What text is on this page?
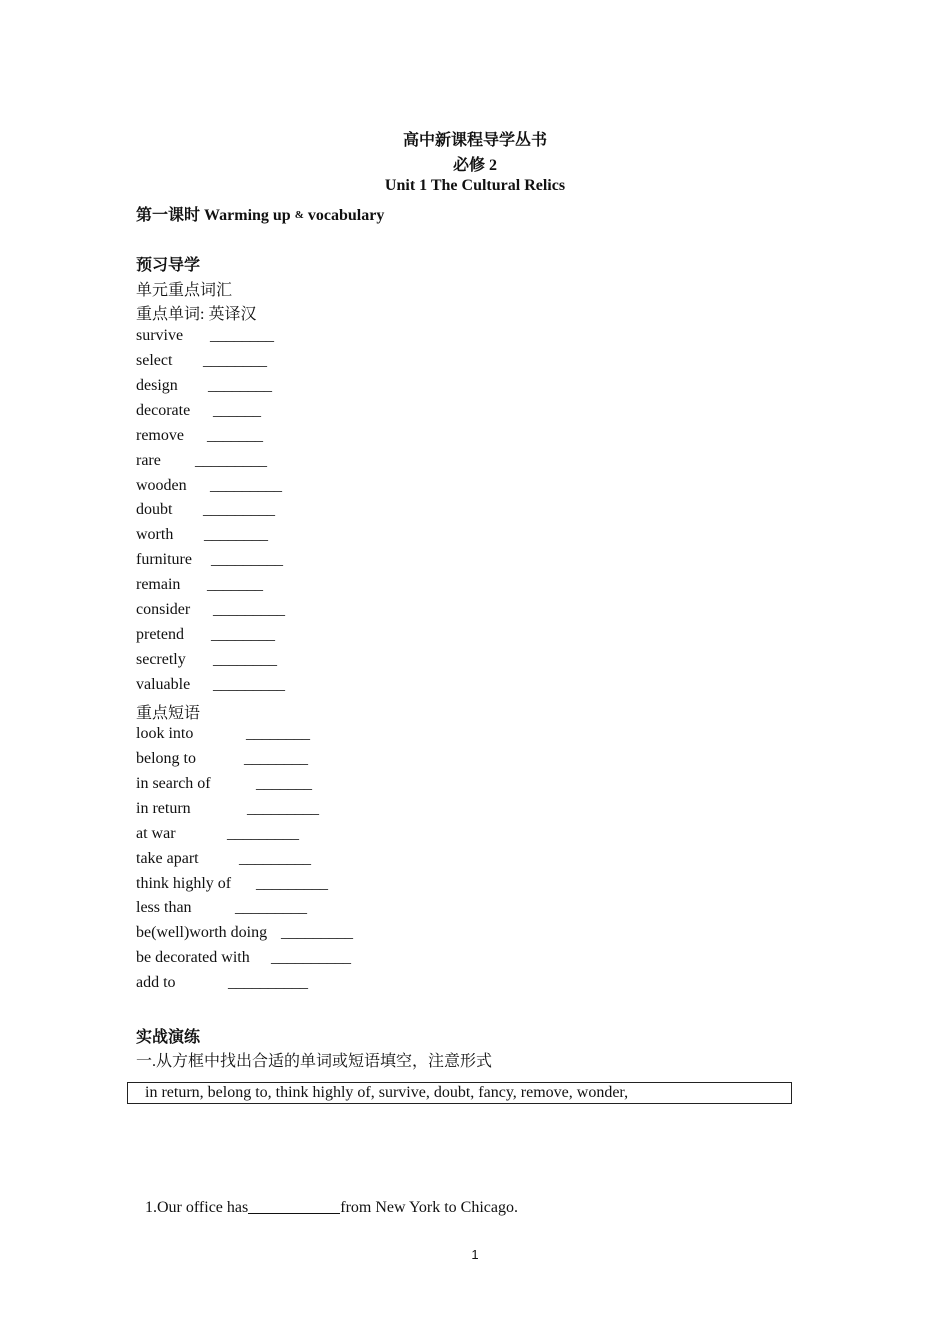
高中新课程导学丛书
必修 2
Unit 1 The Cultural Relics
第一课时 Warming up & vocabulary
预习导学
单元重点词汇
重点单词: 英译汉
survive ________
select ________
design ________
decorate ______
remove _______
rare _________
wooden _________
doubt _________
worth ________
furniture _________
remain _______
consider _________
pretend ________
secretly ________
valuable _________
重点短语
look into	________
belong to	________
in search of	_______
in return	_________
at war	_________
take apart	_________
think highly of _________
less than	_________
be(well)worth doing _________
be decorated with __________
add to	__________
实战演练
一.从方框中找出合适的单词或短语填空，注意形式
in return, belong to, think highly of, survive, doubt, fancy, remove, wonder,
1.Our office has	from New York to Chicago.
1
